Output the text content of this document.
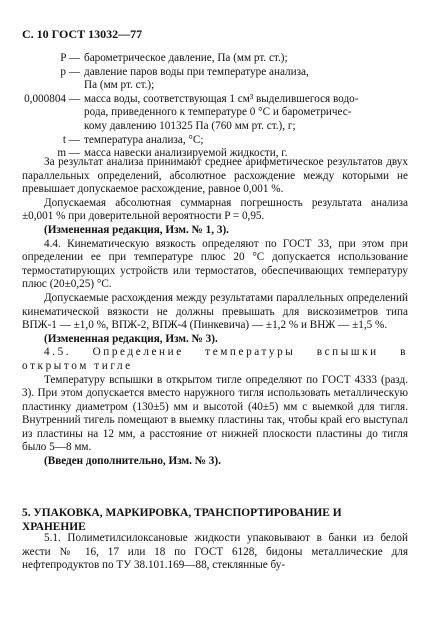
С. 10 ГОСТ 13032—77
P — барометрическое давление, Па (мм рт. ст.);
p — давление паров воды при температуре анализа,
Па (мм рт. ст.);
0,000804 — масса воды, соответствующая 1 см³ выделившегося водо-
рода, приведенного к температуре 0 °С и барометричес-
кому давлению 101325 Па (760 мм рт. ст.), г;
t — температура анализа, °С;
m — масса навески анализируемой жидкости, г.

За результат анализа принимают среднее арифметическое результатов двух параллельных определений, абсолютное расхождение между которыми не превышает допускаемое расхождение, равное 0,001 %.

Допускаемая абсолютная суммарная погрешность результата анализа ±0,001 % при доверительной вероятности P = 0,95.

(Измененная редакция, Изм. № 1, 3).

4.4. Кинематическую вязкость определяют по ГОСТ 33, при этом при определении ее при температуре плюс 20 °С допускается использование термостатирующих устройств или термостатов, обеспечивающих температуру плюс (20±0,25) °С.

Допускаемые расхождения между результатами параллельных определений кинематической вязкости не должны превышать для вискозиметров типа ВПЖ-1 — ±1,0 %, ВПЖ-2, ВПЖ-4 (Пинкевича) — ±1,2 % и ВНЖ — ±1,5 %.

(Измененная редакция, Изм. № 3).

4.5. Определение температуры вспышки в открытом тигле

Температуру вспышки в открытом тигле определяют по ГОСТ 4333 (разд. 3). При этом допускается вместо наружного тигля использовать металлическую пластинку диаметром (130±5) мм и высотой (40±5) мм с выемкой для тигля. Внутренний тигель помещают в выемку пластины так, чтобы край его выступал из пластины на 12 мм, а расстояние от нижней плоскости пластины до тигля было 5—8 мм.

(Введен дополнительно, Изм. № 3).

5. УПАКОВКА, МАРКИРОВКА, ТРАНСПОРТИРОВАНИЕ И ХРАНЕНИЕ

5.1. Полиметилсилоксановые жидкости упаковывают в банки из белой жести № 16, 17 или 18 по ГОСТ 6128, бидоны металлические для нефтепродуктов по ТУ 38.101.169—88, стеклянные бу-
